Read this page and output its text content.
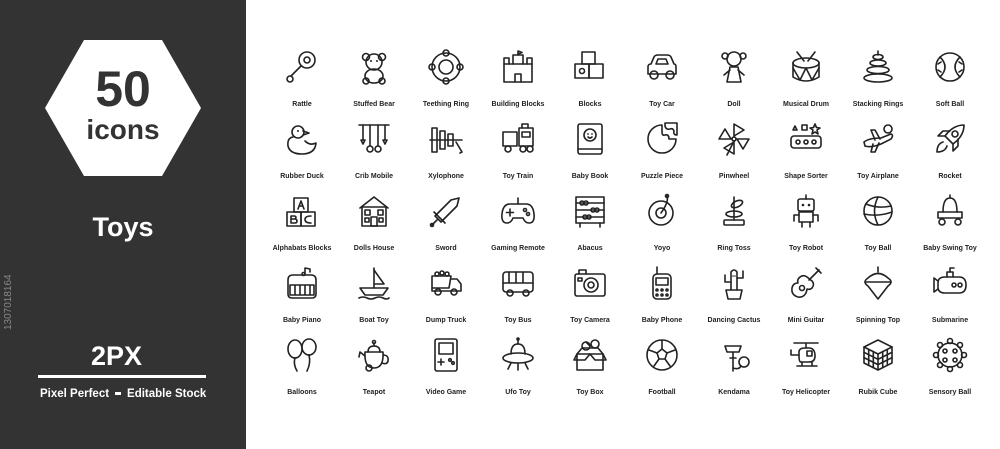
50
icons
Toys
2PX
Pixel Perfect Editable Stock
1307018164
Rattle	Stuffed Bear	Teething Ring	Building Blocks	Blocks	Toy Car	Doll	Musical Drum	Stacking Rings	Soft Ball
Rubber Duck	Crib Mobile	Xylophone	Toy Train	Baby Book	Puzzle Piece	Pinwheel	Shape Sorter	Toy Airplane	Rocket
Alphabats Blocks	Dolls House	Sword	Gaming Remote	Abacus	Yoyo	Ring Toss	Toy Robot	Toy Ball	Baby Swing Toy
Baby Piano	Boat Toy	Dump Truck	Toy Bus	Toy Camera	Baby Phone	Dancing Cactus	Mini Guitar	Spinning Top	Submarine
Balloons	Teapot	Video Game	Ufo Toy	Toy Box	Football	Kendama	Toy Helicopter	Rubik Cube	Sensory Ball
